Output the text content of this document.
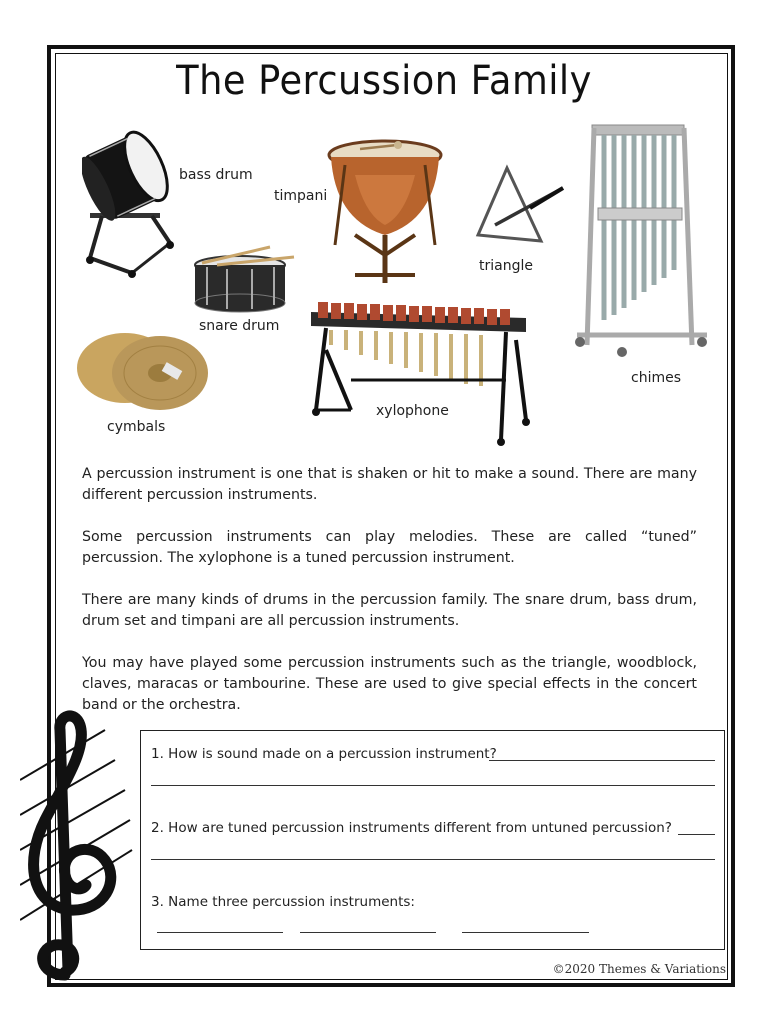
The Percussion Family
bass drum
timpani
triangle
chimes
snare drum
cymbals
xylophone
A percussion instrument is one that is shaken or hit to make a sound. There are many different percussion instruments.
Some percussion instruments can play melodies. These are called “tuned” percussion. The xylophone is a tuned percussion instrument.
There are many kinds of drums in the percussion family. The snare drum, bass drum, drum set and timpani are all percussion instruments.
You may have played some percussion instruments such as the triangle, woodblock, claves, maracas or tambourine. These are used to give special effects in the concert band or the orchestra.
1. How is sound made on a percussion instrument?
2. How are tuned percussion instruments different from untuned percussion?
3. Name three percussion instruments:
©2020 Themes & Variations
